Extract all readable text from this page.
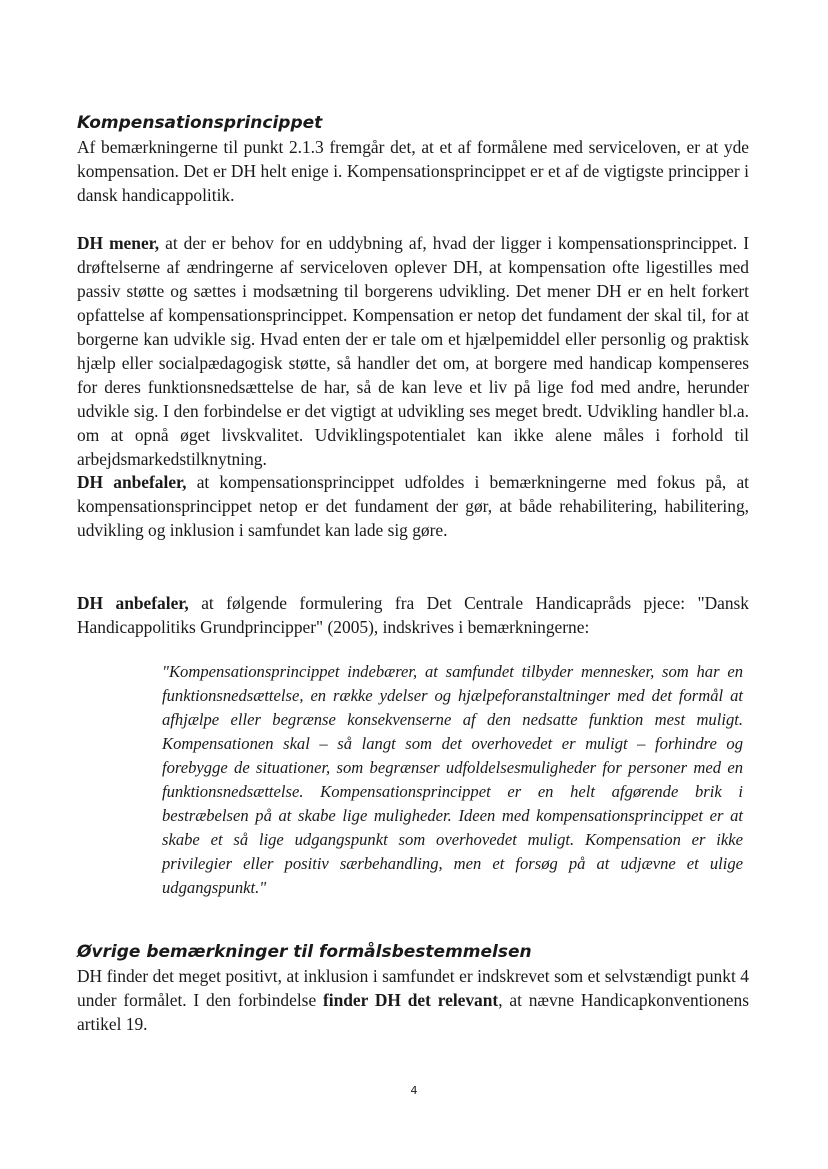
Kompensationsprincippet

Af bemærkningerne til punkt 2.1.3 fremgår det, at et af formålene med serviceloven, er at yde kompensation. Det er DH helt enige i. Kompensationsprincippet er et af de vigtigste principper i dansk handicappolitik.

DH mener, at der er behov for en uddybning af, hvad der ligger i kompensationsprincippet. I drøftelserne af ændringerne af serviceloven oplever DH, at kompensation ofte ligestilles med passiv støtte og sættes i modsætning til borgerens udvikling. Det mener DH er en helt forkert opfattelse af kompensationsprincippet. Kompensation er netop det fundament der skal til, for at borgerne kan udvikle sig. Hvad enten der er tale om et hjælpemiddel eller personlig og praktisk hjælp eller socialpædagogisk støtte, så handler det om, at borgere med handicap kompenseres for deres funktionsnedsættelse de har, så de kan leve et liv på lige fod med andre, herunder udvikle sig. I den forbindelse er det vigtigt at udvikling ses meget bredt. Udvikling handler bl.a. om at opnå øget livskvalitet. Udviklingspotentialet kan ikke alene måles i forhold til arbejdsmarkedstilknytning.

DH anbefaler, at kompensationsprincippet udfoldes i bemærkningerne med fokus på, at kompensationsprincippet netop er det fundament der gør, at både rehabilitering, habilitering, udvikling og inklusion i samfundet kan lade sig gøre.

DH anbefaler, at følgende formulering fra Det Centrale Handicapråds pjece: "Dansk Handicappolitiks Grundprincipper" (2005), indskrives i bemærkningerne:

"Kompensationsprincippet indebærer, at samfundet tilbyder mennesker, som har en funktionsnedsættelse, en række ydelser og hjælpeforanstaltninger med det formål at afhjælpe eller begrænse konsekvenserne af den nedsatte funktion mest muligt. Kompensationen skal – så langt som det overhovedet er muligt – forhindre og forebygge de situationer, som begrænser udfoldelsesmuligheder for personer med en funktionsnedsættelse. Kompensationsprincippet er en helt afgørende brik i bestræbelsen på at skabe lige muligheder. Ideen med kompensationsprincippet er at skabe et så lige udgangspunkt som overhovedet muligt. Kompensation er ikke privilegier eller positiv særbehandling, men et forsøg på at udjævne et ulige udgangspunkt."

Øvrige bemærkninger til formålsbestemmelsen

DH finder det meget positivt, at inklusion i samfundet er indskrevet som et selvstændigt punkt 4 under formålet. I den forbindelse finder DH det relevant, at nævne Handicapkonventionens artikel 19.

4
